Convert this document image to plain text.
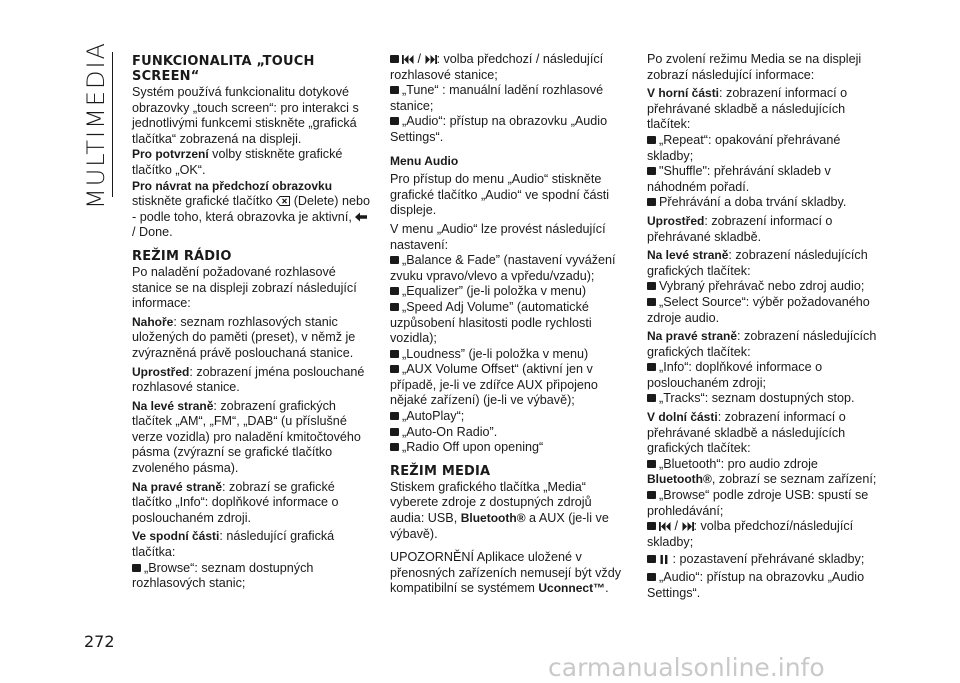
MULTIMEDIA
272
FUNKCIONALITA „TOUCH SCREEN“

Systém používá funkcionalitu dotykové obrazovky „touch screen“: pro interakci s jednotlivými funkcemi stiskněte „grafická tlačítka“ zobrazená na displeji.

Pro potvrzení volby stiskněte grafické tlačítko „OK“.

Pro návrat na předchozí obrazovku

stiskněte grafické tlačítko  (Delete) nebo - podle toho, která obrazovka je aktivní,  / Done.

REŽIM RÁDIO

Po naladění požadované rozhlasové stanice se na displeji zobrazí následující informace:

Nahoře: seznam rozhlasových stanic uložených do paměti (preset), v němž je zvýrazněná právě poslouchaná stanice.

Uprostřed: zobrazení jména poslouchané rozhlasové stanice.

Na levé straně: zobrazení grafických tlačítek „AM“, „FM“, „DAB“ (u příslušné verze vozidla) pro naladění kmitočtového pásma (zvýrazní se grafické tlačítko zvoleného pásma).

Na pravé straně: zobrazí se grafické tlačítko „Info“: doplňkové informace o poslouchaném zdroji.

Ve spodní části: následující grafická tlačítka:

„Browse“: seznam dostupných rozhlasových stanic;

/ : volba předchozí / následující rozhlasové stanice;

„Tune“ : manuální ladění rozhlasové stanice;

„Audio“: přístup na obrazovku „Audio Settings“.

Menu Audio

Pro přístup do menu „Audio“ stiskněte grafické tlačítko „Audio“ ve spodní části displeje.

V menu „Audio“ lze provést následující nastavení:

„Balance & Fade” (nastavení vyvážení zvuku vpravo/vlevo a vpředu/vzadu);

„Equalizer” (je-li položka v menu)

„Speed Adj Volume” (automatické uzpůsobení hlasitosti podle rychlosti vozidla);

„Loudness” (je-li položka v menu)

„AUX Volume Offset“ (aktivní jen v případě, je-li ve zdířce AUX připojeno nějaké zařízení) (je-li ve výbavě);

„AutoPlay“;

„Auto-On Radio”.

„Radio Off upon opening“

REŽIM MEDIA

Stiskem grafického tlačítka „Media“ vyberete zdroje z dostupných zdrojů audia: USB, Bluetooth® a AUX (je-li ve výbavě).

UPOZORNĚNÍ Aplikace uložené v přenosných zařízeních nemusejí být vždy kompatibilní se systémem Uconnect™.

Po zvolení režimu Media se na displeji zobrazí následující informace:

V horní části: zobrazení informací o přehrávané skladbě a následujících tlačítek:

„Repeat“: opakování přehrávané skladby;

"Shuffle": přehrávání skladeb v náhodném pořadí.

Přehrávání a doba trvání skladby.

Uprostřed: zobrazení informací o přehrávané skladbě.

Na levé straně: zobrazení následujících grafických tlačítek:

Vybraný přehrávač nebo zdroj audio;

„Select Source“: výběr požadovaného zdroje audio.

Na pravé straně: zobrazení následujících grafických tlačítek:

„Info“: doplňkové informace o poslouchaném zdroji;

„Tracks“: seznam dostupných stop.

V dolní části: zobrazení informací o přehrávané skladbě a následujících grafických tlačítek:

„Bluetooth“: pro audio zdroje Bluetooth®, zobrazí se seznam zařízení;

„Browse“ podle zdroje USB: spustí se prohledávání;

/ : volba předchozí/následující skladby;

: pozastavení přehrávané skladby;

„Audio“: přístup na obrazovku „Audio Settings“.

carmanualsonline.info
